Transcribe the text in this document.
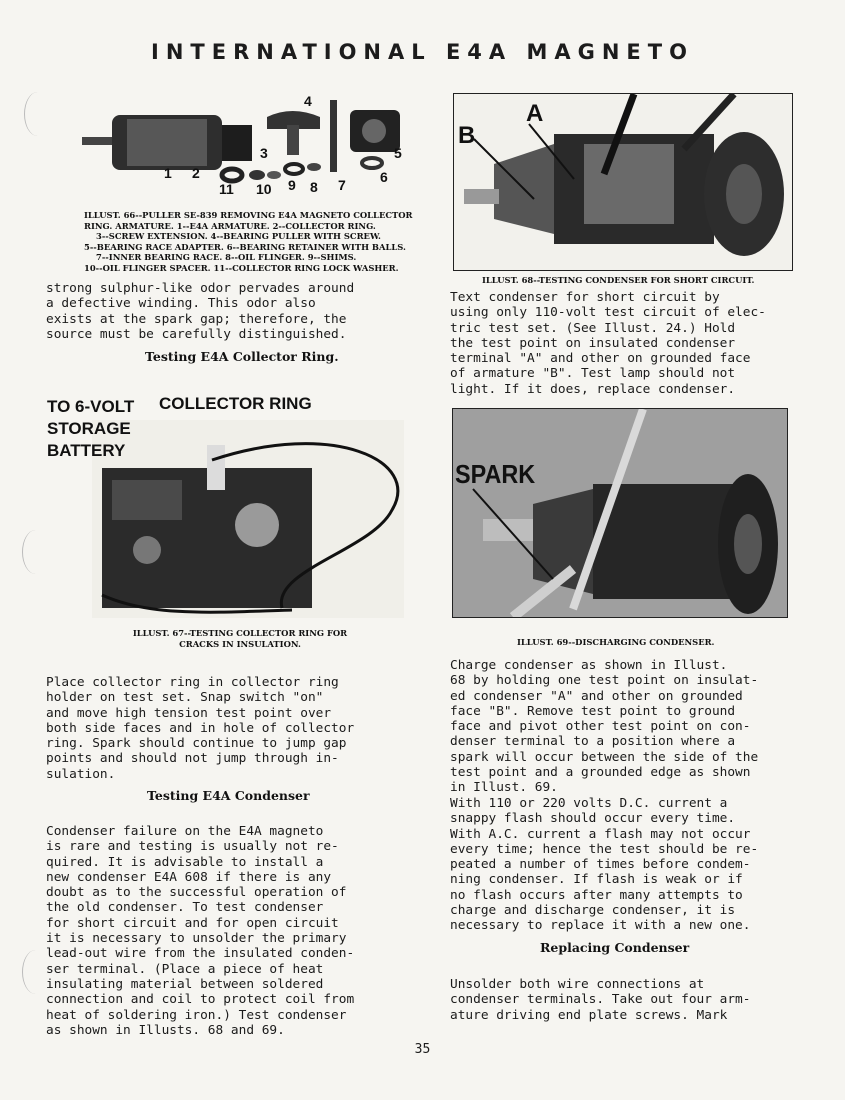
INTERNATIONAL E4A MAGNETO
4
1 2
3	5
6
7
8
9
10
11
ILLUST. 66--PULLER SE-839 REMOVING E4A MAGNETO COLLECTOR
RING. ARMATURE. 1--E4A ARMATURE. 2--COLLECTOR RING.
3--SCREW EXTENSION. 4--BEARING PULLER WITH SCREW.
5--BEARING RACE ADAPTER. 6--BEARING RETAINER WITH BALLS.
7--INNER BEARING RACE. 8--OIL FLINGER. 9--SHIMS.
10--OIL FLINGER SPACER. 11--COLLECTOR RING LOCK WASHER.
strong sulphur-like odor pervades around
a defective winding. This odor also
exists at the spark gap; therefore, the
source must be carefully distinguished.
Testing E4A Collector Ring.
TO 6-VOLT
STORAGE
BATTERY
COLLECTOR RING
ILLUST. 67--TESTING COLLECTOR RING FOR
CRACKS IN INSULATION.
Place collector ring in collector ring
holder on test set. Snap switch "on"
and move high tension test point over
both side faces and in hole of collector
ring. Spark should continue to jump gap
points and should not jump through in-
sulation.
Testing E4A Condenser
Condenser failure on the E4A magneto
is rare and testing is usually not re-
quired. It is advisable to install a
new condenser E4A 608 if there is any
doubt as to the successful operation of
the old condenser. To test condenser
for short circuit and for open circuit
it is necessary to unsolder the primary
lead-out wire from the insulated conden-
ser terminal. (Place a piece of heat
insulating material between soldered
connection and coil to protect coil from
heat of soldering iron.) Test condenser
as shown in Illusts. 68 and 69.
A
B
ILLUST. 68--TESTING CONDENSER FOR SHORT CIRCUIT.
Text condenser for short circuit by
using only 110-volt test circuit of elec-
tric test set. (See Illust. 24.) Hold
the test point on insulated condenser
terminal "A" and other on grounded face
of armature "B". Test lamp should not
light. If it does, replace condenser.
SPARK
ILLUST. 69--DISCHARGING CONDENSER.
Charge condenser as shown in Illust.
68 by holding one test point on insulat-
ed condenser "A" and other on grounded
face "B". Remove test point to ground
face and pivot other test point on con-
denser terminal to a position where a
spark will occur between the side of the
test point and a grounded edge as shown
in Illust. 69.
With 110 or 220 volts D.C. current a
snappy flash should occur every time.
With A.C. current a flash may not occur
every time; hence the test should be re-
peated a number of times before condem-
ning condenser. If flash is weak or if
no flash occurs after many attempts to
charge and discharge condenser, it is
necessary to replace it with a new one.
Replacing Condenser
Unsolder both wire connections at
condenser terminals. Take out four arm-
ature driving end plate screws. Mark
35
